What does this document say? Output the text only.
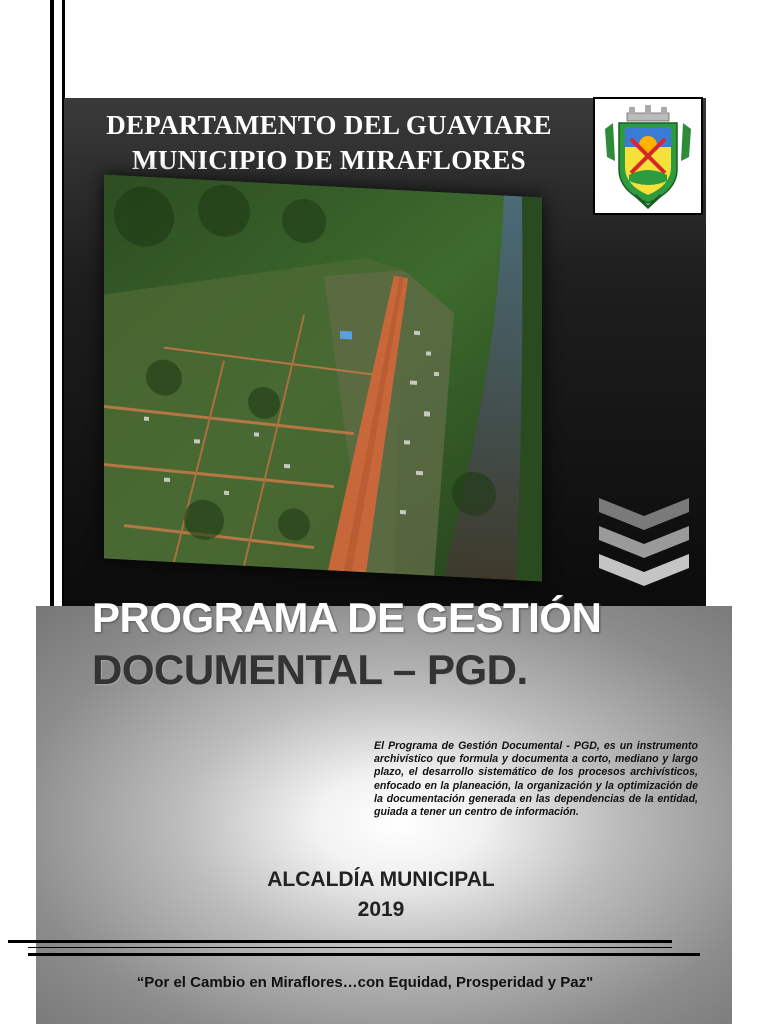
DEPARTAMENTO DEL GUAVIARE
MUNICIPIO DE MIRAFLORES
PROGRAMA DE GESTIÓN
DOCUMENTAL – PGD.
El Programa de Gestión Documental - PGD, es un instrumento archivístico que formula y documenta a corto, mediano y largo plazo, el desarrollo sistemático de los procesos archivísticos, enfocado en la planeación, la organización y la optimización de la documentación generada en las dependencias de la entidad, guiada a tener un centro de información.
ALCALDÍA MUNICIPAL
2019
“Por el Cambio en Miraflores…con Equidad, Prosperidad y Paz"
